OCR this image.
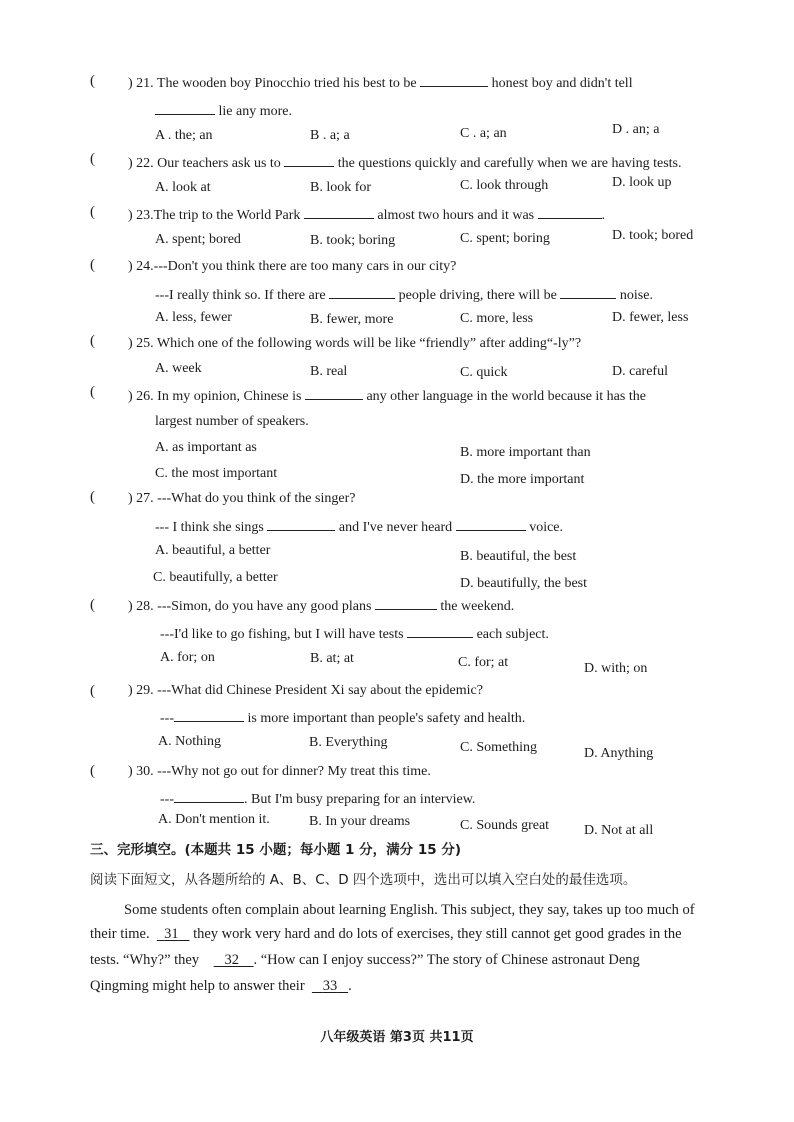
( ) 21. The wooden boy Pinocchio tried his best to be	honest boy and didn't tell
lie any more.
A . the; an	B . a; a	C . a; an	D . an; a
( ) 22. Our teachers ask us to	the questions quickly and carefully when we are having tests.
A. look at	B. look for	C. look through	D. look up
( ) 23.The trip to the World Park	almost two hours and it was	.
A. spent; bored	B. took; boring	C. spent; boring	D. took; bored
( ) 24.---Don't you think there are too many cars in our city?
---I really think so. If there are	people driving, there will be	noise.
A. less, fewer	B. fewer, more	C. more, less	D. fewer, less
( ) 25. Which one of the following words will be like “friendly” after adding“-ly”?
A. week	B. real	C. quick	D. careful
( ) 26. In my opinion, Chinese is	any other language in the world because it has the
largest number of speakers.
A. as important as	B. more important than
C. the most important	D. the more important
( ) 27. ---What do you think of the singer?
--- I think she sings	and I've never heard	voice.
A. beautiful, a better	B. beautiful, the best
C. beautifully, a better	D. beautifully, the best
( ) 28. ---Simon, do you have any good plans	the weekend.
---I'd like to go fishing, but I will have tests	each subject.
A. for; on	B. at; at	C. for; at	D. with; on
( ) 29. ---What did Chinese President Xi say about the epidemic?
---	is more important than people's safety and health.
A. Nothing	B. Everything	C. Something	D. Anything
( ) 30. ---Why not go out for dinner? My treat this time.
---	. But I'm busy preparing for an interview.
A. Don't mention it.	B. In your dreams	C. Sounds great D. Not at all
三、完形填空。(本题共 15 小题；每小题 1 分，满分 15 分)
阅读下面短文，从各题所给的 A、B、C、D 四个选项中，选出可以填入空白处的最佳选项。
Some students often complain about learning English. This subject, they say, takes up too much of
their time. 31 they work very hard and do lots of exercises, they still cannot get good grades in the
tests. “Why?” they 32 . “How can I enjoy success?” The story of Chinese astronaut Deng
Qingming might help to answer their 33 .
八年级英语 第3页 共11页
